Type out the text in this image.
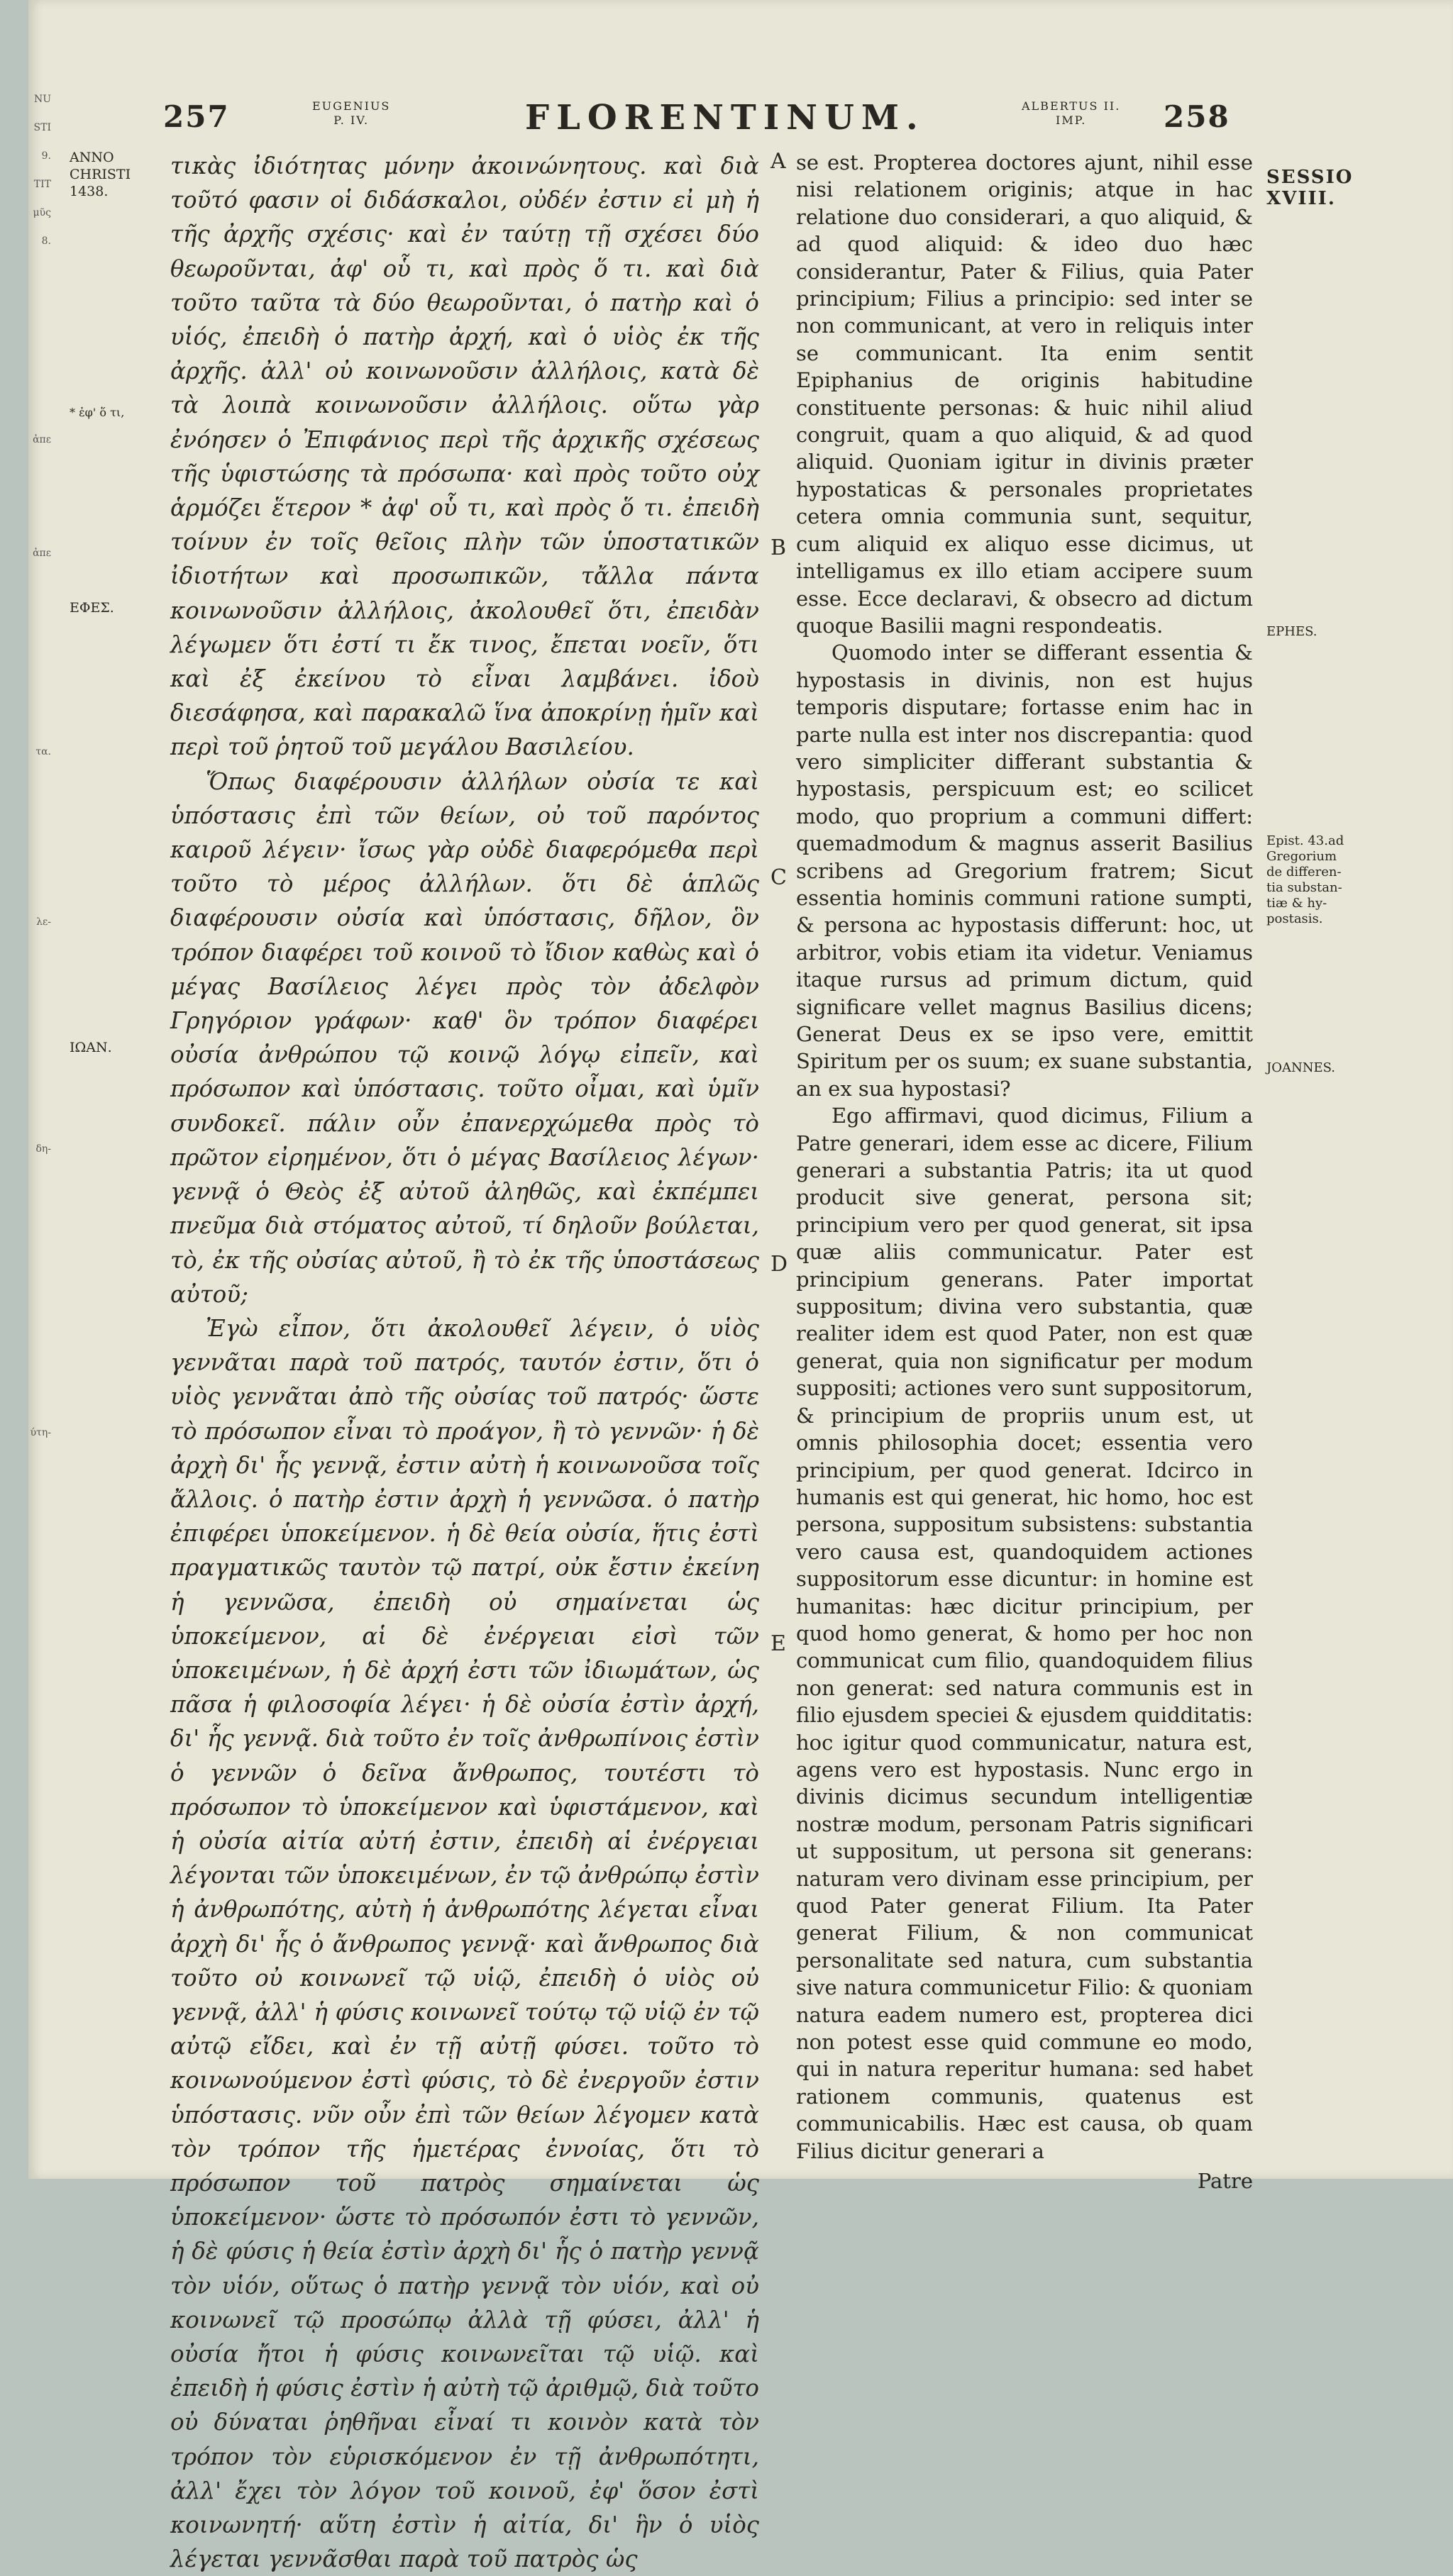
NU
STI
9.
TIT
μῦς
8.

ἀπε

ἀπε

τα.

λε-

δη-

ύτη-
257	EUGENIUS
P. IV.	FLORENTINUM.	ALBERTUS II.
IMP.	258
ANNO
CHRISTI
1438.
* ἐφ' ὅ τι,
ΕΦΕΣ.
ΙΩΑΝ.

τικὰς ἰδιότητας μόνην ἀκοινώνητους. καὶ διὰ τοῦτό φασιν οἱ διδάσκαλοι, οὐδέν ἐστιν εἰ μὴ ἡ τῆς ἀρχῆς σχέσις· καὶ ἐν ταύτῃ τῇ σχέσει δύο θεωροῦνται, ἀφ' οὗ τι, καὶ πρὸς ὅ τι. καὶ διὰ τοῦτο ταῦτα τὰ δύο θεωροῦνται, ὁ πατὴρ καὶ ὁ υἱός, ἐπειδὴ ὁ πατὴρ ἀρχή, καὶ ὁ υἱὸς ἐκ τῆς ἀρχῆς. ἀλλ' οὐ κοινωνοῦσιν ἀλλήλοις, κατὰ δὲ τὰ λοιπὰ κοινωνοῦσιν ἀλλήλοις. οὕτω γὰρ ἐνόησεν ὁ Ἐπιφάνιος περὶ τῆς ἀρχικῆς σχέσεως τῆς ὑφιστώσης τὰ πρόσωπα· καὶ πρὸς τοῦτο οὐχ ἁρμόζει ἕτερον * ἀφ' οὗ τι, καὶ πρὸς ὅ τι. ἐπειδὴ τοίνυν ἐν τοῖς θεῖοις πλὴν τῶν ὑποστατικῶν ἰδιοτήτων καὶ προσωπικῶν, τἄλλα πάντα κοινωνοῦσιν ἀλλήλοις, ἀκολουθεῖ ὅτι, ἐπειδὰν λέγωμεν ὅτι ἐστί τι ἔκ τινος, ἔπεται νοεῖν, ὅτι καὶ ἐξ ἐκείνου τὸ εἶναι λαμβάνει. ἰδοὺ διεσάφησα, καὶ παρακαλῶ ἵνα ἀποκρίνῃ ἡμῖν καὶ περὶ τοῦ ῥητοῦ τοῦ μεγάλου Βασιλείου.

Ὅπως διαφέρουσιν ἀλλήλων οὐσία τε καὶ ὑπόστασις ἐπὶ τῶν θείων, οὐ τοῦ παρόντος καιροῦ λέγειν· ἴσως γὰρ οὐδὲ διαφερόμεθα περὶ τοῦτο τὸ μέρος ἀλλήλων. ὅτι δὲ ἁπλῶς διαφέρουσιν οὐσία καὶ ὑπόστασις, δῆλον, ὃν τρόπον διαφέρει τοῦ κοινοῦ τὸ ἴδιον καθὼς καὶ ὁ μέγας Βασίλειος λέγει πρὸς τὸν ἀδελφὸν Γρηγόριον γράφων· καθ' ὃν τρόπον διαφέρει οὐσία ἀνθρώπου τῷ κοινῷ λόγῳ εἰπεῖν, καὶ πρόσωπον καὶ ὑπόστασις. τοῦτο οἶμαι, καὶ ὑμῖν συνδοκεῖ. πάλιν οὖν ἐπανερχώμεθα πρὸς τὸ πρῶτον εἰρημένον, ὅτι ὁ μέγας Βασίλειος λέγων· γεννᾷ ὁ Θεὸς ἐξ αὐτοῦ ἀληθῶς, καὶ ἐκπέμπει πνεῦμα διὰ στόματος αὐτοῦ, τί δηλοῦν βούλεται, τὸ, ἐκ τῆς οὐσίας αὐτοῦ, ἢ τὸ ἐκ τῆς ὑποστάσεως αὐτοῦ;

Ἐγὼ εἶπον, ὅτι ἀκολουθεῖ λέγειν, ὁ υἱὸς γεννᾶται παρὰ τοῦ πατρός, ταυτόν ἐστιν, ὅτι ὁ υἱὸς γεννᾶται ἀπὸ τῆς οὐσίας τοῦ πατρός· ὥστε τὸ πρόσωπον εἶναι τὸ προάγον, ἢ τὸ γεννῶν· ἡ δὲ ἀρχὴ δι' ἧς γεννᾷ, ἐστιν αὐτὴ ἡ κοινωνοῦσα τοῖς ἄλλοις. ὁ πατὴρ ἐστιν ἀρχὴ ἡ γεννῶσα. ὁ πατὴρ ἐπιφέρει ὑποκείμενον. ἡ δὲ θεία οὐσία, ἥτις ἐστὶ πραγματικῶς ταυτὸν τῷ πατρί, οὐκ ἔστιν ἐκείνη ἡ γεννῶσα, ἐπειδὴ οὐ σημαίνεται ὡς ὑποκείμενον, αἱ δὲ ἐνέργειαι εἰσὶ τῶν ὑποκειμένων, ἡ δὲ ἀρχή ἐστι τῶν ἰδιωμάτων, ὡς πᾶσα ἡ φιλοσοφία λέγει· ἡ δὲ οὐσία ἐστὶν ἀρχή, δι' ἧς γεννᾷ. διὰ τοῦτο ἐν τοῖς ἀνθρωπίνοις ἐστὶν ὁ γεννῶν ὁ δεῖνα ἄνθρωπος, τουτέστι τὸ πρόσωπον τὸ ὑποκείμενον καὶ ὑφιστάμενον, καὶ ἡ οὐσία αἰτία αὐτή ἐστιν, ἐπειδὴ αἱ ἐνέργειαι λέγονται τῶν ὑποκειμένων, ἐν τῷ ἀνθρώπῳ ἐστὶν ἡ ἀνθρωπότης, αὐτὴ ἡ ἀνθρωπότης λέγεται εἶναι ἀρχὴ δι' ἧς ὁ ἄνθρωπος γεννᾷ· καὶ ἄνθρωπος διὰ τοῦτο οὐ κοινωνεῖ τῷ υἱῷ, ἐπειδὴ ὁ υἱὸς οὐ γεννᾷ, ἀλλ' ἡ φύσις κοινωνεῖ τούτῳ τῷ υἱῷ ἐν τῷ αὐτῷ εἴδει, καὶ ἐν τῇ αὐτῇ φύσει. τοῦτο τὸ κοινωνούμενον ἐστὶ φύσις, τὸ δὲ ἐνεργοῦν ἐστιν ὑπόστασις. νῦν οὖν ἐπὶ τῶν θείων λέγομεν κατὰ τὸν τρόπον τῆς ἡμετέρας ἐννοίας, ὅτι τὸ πρόσωπον τοῦ πατρὸς σημαίνεται ὡς ὑποκείμενον· ὥστε τὸ πρόσωπόν ἐστι τὸ γεννῶν, ἡ δὲ φύσις ἡ θεία ἐστὶν ἀρχὴ δι' ἧς ὁ πατὴρ γεννᾷ τὸν υἱόν, οὕτως ὁ πατὴρ γεννᾷ τὸν υἱόν, καὶ οὐ κοινωνεῖ τῷ προσώπῳ ἀλλὰ τῇ φύσει, ἀλλ' ἡ οὐσία ἤτοι ἡ φύσις κοινωνεῖται τῷ υἱῷ. καὶ ἐπειδὴ ἡ φύσις ἐστὶν ἡ αὐτὴ τῷ ἀριθμῷ, διὰ τοῦτο οὐ δύναται ῥηθῆναι εἶναί τι κοινὸν κατὰ τὸν τρόπον τὸν εὑρισκόμενον ἐν τῇ ἀνθρωπότητι, ἀλλ' ἔχει τὸν λόγον τοῦ κοινοῦ, ἐφ' ὅσον ἐστὶ κοινωνητή· αὕτη ἐστὶν ἡ αἰτία, δι' ἣν ὁ υἱὸς λέγεται γεννᾶσθαι παρὰ τοῦ πατρὸς ὡς

A
B
C
D
E

se est. Propterea doctores ajunt, nihil esse nisi relationem originis; atque in hac relatione duo considerari, a quo aliquid, & ad quod aliquid: & ideo duo hæc considerantur, Pater & Filius, quia Pater principium; Filius a principio: sed inter se non communicant, at vero in reliquis inter se communicant. Ita enim sentit Epiphanius de originis habitudine constituente personas: & huic nihil aliud congruit, quam a quo aliquid, & ad quod aliquid. Quoniam igitur in divinis præter hypostaticas & personales proprietates cetera omnia communia sunt, sequitur, cum aliquid ex aliquo esse dicimus, ut intelligamus ex illo etiam accipere suum esse. Ecce declaravi, & obsecro ad dictum quoque Basilii magni respondeatis.

Quomodo inter se differant essentia & hypostasis in divinis, non est hujus temporis disputare; fortasse enim hac in parte nulla est inter nos discrepantia: quod vero simpliciter differant substantia & hypostasis, perspicuum est; eo scilicet modo, quo proprium a communi differt: quemadmodum & magnus asserit Basilius scribens ad Gregorium fratrem; Sicut essentia hominis communi ratione sumpti, & persona ac hypostasis differunt: hoc, ut arbitror, vobis etiam ita videtur. Veniamus itaque rursus ad primum dictum, quid significare vellet magnus Basilius dicens; Generat Deus ex se ipso vere, emittit Spiritum per os suum; ex suane substantia, an ex sua hypostasi?

Ego affirmavi, quod dicimus, Filium a Patre generari, idem esse ac dicere, Filium generari a substantia Patris; ita ut quod producit sive generat, persona sit; principium vero per quod generat, sit ipsa quæ aliis communicatur. Pater est principium generans. Pater importat suppositum; divina vero substantia, quæ realiter idem est quod Pater, non est quæ generat, quia non significatur per modum suppositi; actiones vero sunt suppositorum, & principium de propriis unum est, ut omnis philosophia docet; essentia vero principium, per quod generat. Idcirco in humanis est qui generat, hic homo, hoc est persona, suppositum subsistens: substantia vero causa est, quandoquidem actiones suppositorum esse dicuntur: in homine est humanitas: hæc dicitur principium, per quod homo generat, & homo per hoc non communicat cum filio, quandoquidem filius non generat: sed natura communis est in filio ejusdem speciei & ejusdem quidditatis: hoc igitur quod communicatur, natura est, agens vero est hypostasis. Nunc ergo in divinis dicimus secundum intelligentiæ nostræ modum, personam Patris significari ut suppositum, ut persona sit generans: naturam vero divinam esse principium, per quod Pater generat Filium. Ita Pater generat Filium, & non communicat personalitate sed natura, cum substantia sive natura communicetur Filio: & quoniam natura eadem numero est, propterea dici non potest esse quid commune eo modo, qui in natura reperitur humana: sed habet rationem communis, quatenus est communicabilis. Hæc est causa, ob quam Filius dicitur generari a

Patre
SESSIO
XVIII.
EPHES.
Epist. 43.ad
Gregorium
de differen-
tia substan-
tiæ & hy-
postasis.
JOANNES.
